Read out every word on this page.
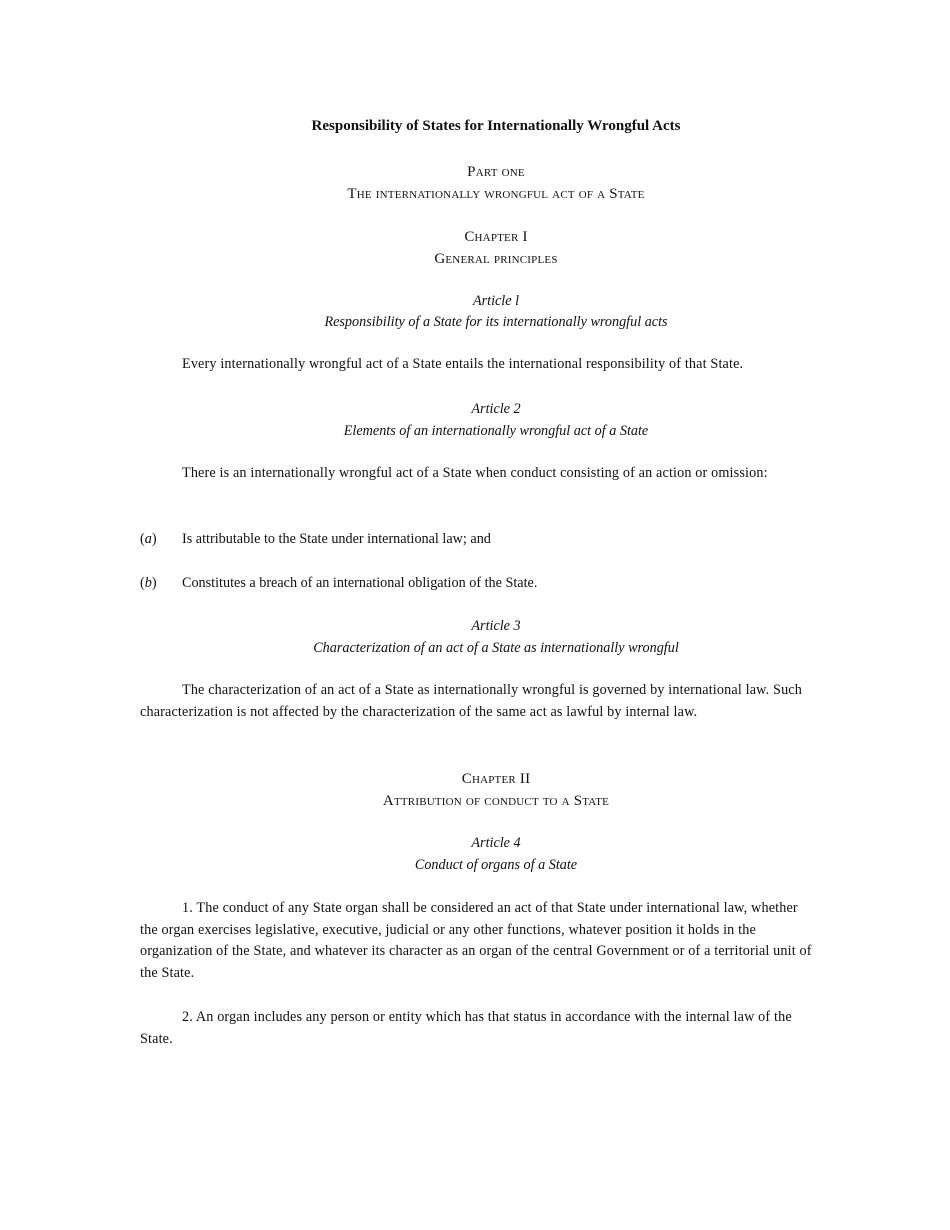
Responsibility of States for Internationally Wrongful Acts
Part one
The internationally wrongful act of a State
Chapter I
General principles
Article l
Responsibility of a State for its internationally wrongful acts
Every internationally wrongful act of a State entails the international responsibility of that State.
Article 2
Elements of an internationally wrongful act of a State
There is an internationally wrongful act of a State when conduct consisting of an action or omission:
(a) Is attributable to the State under international law; and
(b) Constitutes a breach of an international obligation of the State.
Article 3
Characterization of an act of a State as internationally wrongful
The characterization of an act of a State as internationally wrongful is governed by international law. Such characterization is not affected by the characterization of the same act as lawful by internal law.
Chapter II
Attribution of conduct to a State
Article 4
Conduct of organs of a State
1. The conduct of any State organ shall be considered an act of that State under international law, whether the organ exercises legislative, executive, judicial or any other functions, whatever position it holds in the organization of the State, and whatever its character as an organ of the central Government or of a territorial unit of the State.
2. An organ includes any person or entity which has that status in accordance with the internal law of the State.
